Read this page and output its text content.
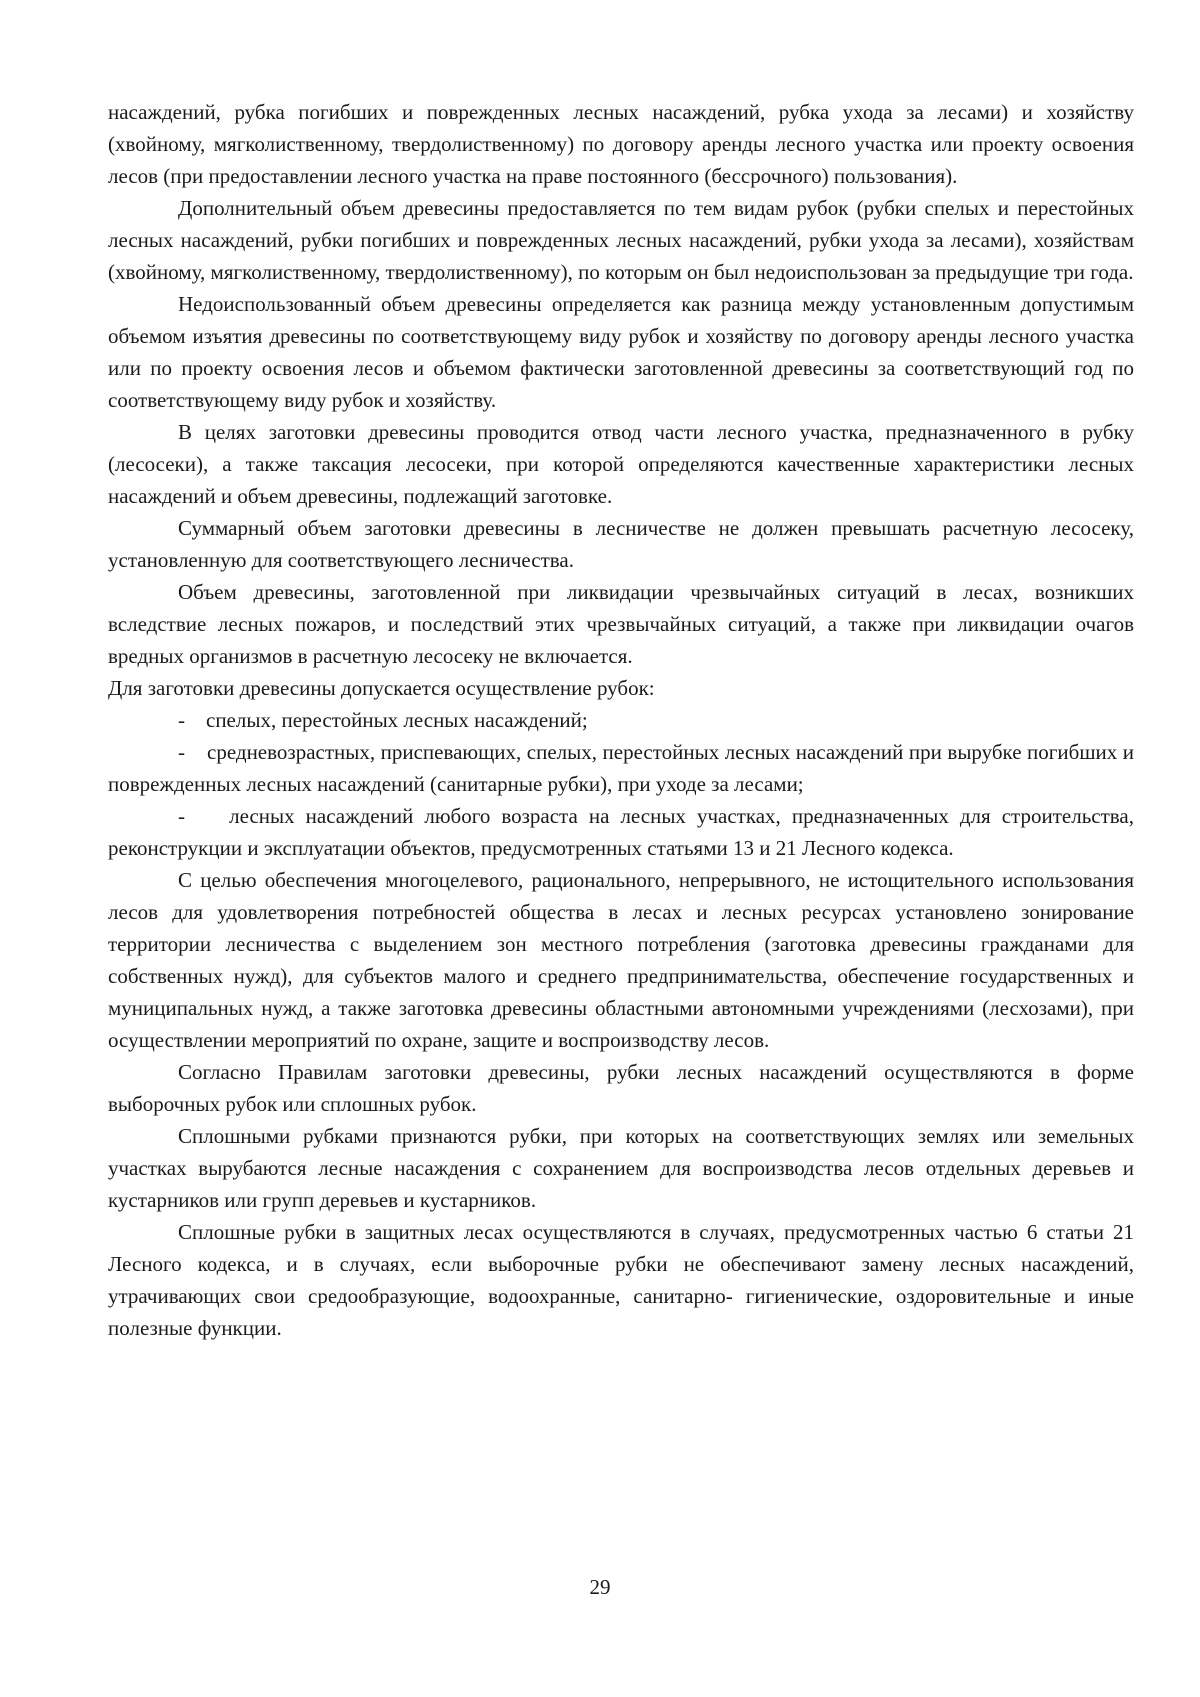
насаждений, рубка погибших и поврежденных лесных насаждений, рубка ухода за лесами) и хозяйству (хвойному, мягколиственному, твердолиственному) по договору аренды лесного участка или проекту освоения лесов (при предоставлении лесного участка на праве постоянного (бессрочного) пользования).

Дополнительный объем древесины предоставляется по тем видам рубок (рубки спелых и перестойных лесных насаждений, рубки погибших и поврежденных лесных насаждений, рубки ухода за лесами), хозяйствам (хвойному, мягколиственному, твердолиственному), по которым он был недоиспользован за предыдущие три года.

Недоиспользованный объем древесины определяется как разница между установленным допустимым объемом изъятия древесины по соответствующему виду рубок и хозяйству по договору аренды лесного участка или по проекту освоения лесов и объемом фактически заготовленной древесины за соответствующий год по соответствующему виду рубок и хозяйству.

В целях заготовки древесины проводится отвод части лесного участка, предназначенного в рубку (лесосеки), а также таксация лесосеки, при которой определяются качественные характеристики лесных насаждений и объем древесины, подлежащий заготовке.

Суммарный объем заготовки древесины в лесничестве не должен превышать расчетную лесосеку, установленную для соответствующего лесничества.

Объем древесины, заготовленной при ликвидации чрезвычайных ситуаций в лесах, возникших вследствие лесных пожаров, и последствий этих чрезвычайных ситуаций, а также при ликвидации очагов вредных организмов в расчетную лесосеку не включается.

Для заготовки древесины допускается осуществление рубок:

-    спелых, перестойных лесных насаждений;

-    средневозрастных, приспевающих, спелых, перестойных лесных насаждений при вырубке погибших и поврежденных лесных насаждений (санитарные рубки), при уходе за лесами;

-    лесных насаждений любого возраста на лесных участках, предназначенных для строительства, реконструкции и эксплуатации объектов, предусмотренных статьями 13 и 21 Лесного кодекса.

С целью обеспечения многоцелевого, рационального, непрерывного, не истощительного использования лесов для удовлетворения потребностей общества в лесах и лесных ресурсах установлено зонирование территории лесничества с выделением зон местного потребления (заготовка древесины гражданами для собственных нужд), для субъектов малого и среднего предпринимательства, обеспечение государственных и муниципальных нужд, а также заготовка древесины областными автономными учреждениями (лесхозами), при осуществлении мероприятий по охране, защите и воспроизводству лесов.

Согласно Правилам заготовки древесины, рубки лесных насаждений осуществляются в форме выборочных рубок или сплошных рубок.

Сплошными рубками признаются рубки, при которых на соответствующих землях или земельных участках вырубаются лесные насаждения с сохранением для воспроизводства лесов отдельных деревьев и кустарников или групп деревьев и кустарников.

Сплошные рубки в защитных лесах осуществляются в случаях, предусмотренных частью 6 статьи 21 Лесного кодекса, и в случаях, если выборочные рубки не обеспечивают замену лесных насаждений, утрачивающих свои средообразующие, водоохранные, санитарно- гигиенические, оздоровительные и иные полезные функции.

29
